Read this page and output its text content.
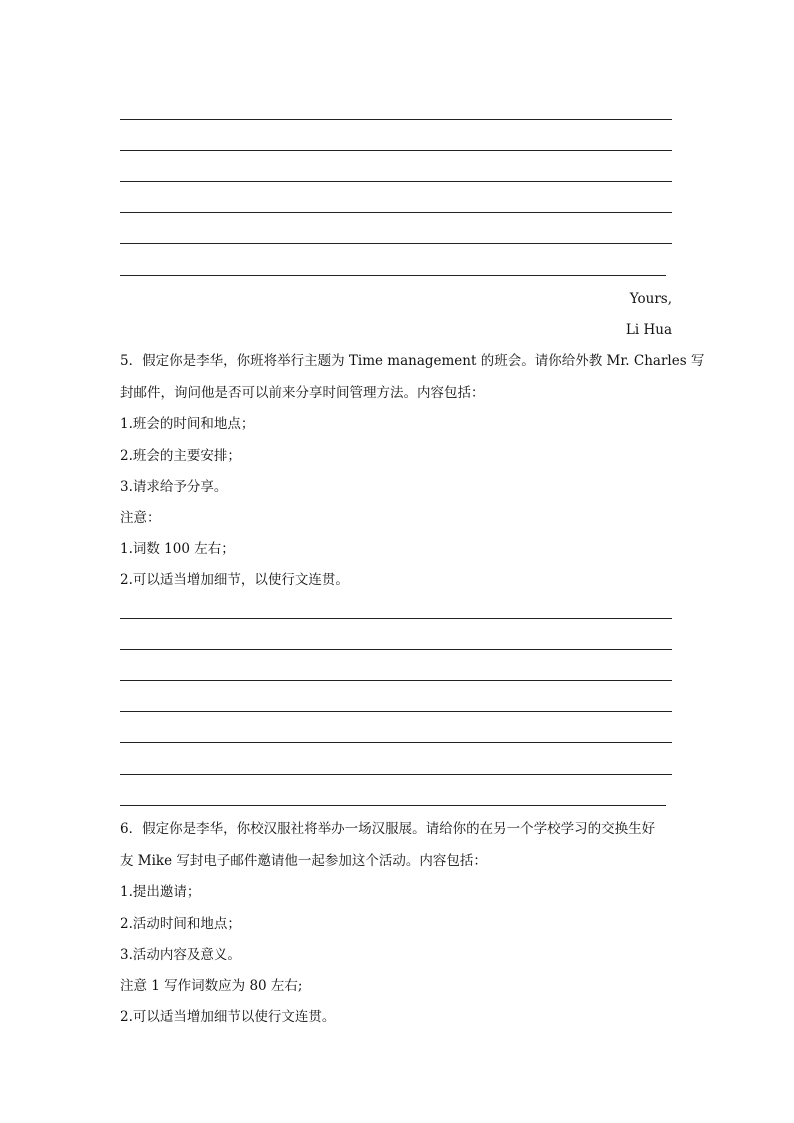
Yours,
Li Hua
5．假定你是李华，你班将举行主题为 Time management 的班会。请你给外教 Mr. Charles 写
封邮件，询问他是否可以前来分享时间管理方法。内容包括：
1.班会的时间和地点；
2.班会的主要安排；
3.请求给予分享。
注意：
1.词数 100 左右；
2.可以适当增加细节，以使行文连贯。
6．假定你是李华，你校汉服社将举办一场汉服展。请给你的在另一个学校学习的交换生好
友 Mike 写封电子邮件邀请他一起参加这个活动。内容包括：
1.提出邀请；
2.活动时间和地点；
3.活动内容及意义。
注意 1 写作词数应为 80 左右;
2.可以适当增加细节以使行文连贯。
